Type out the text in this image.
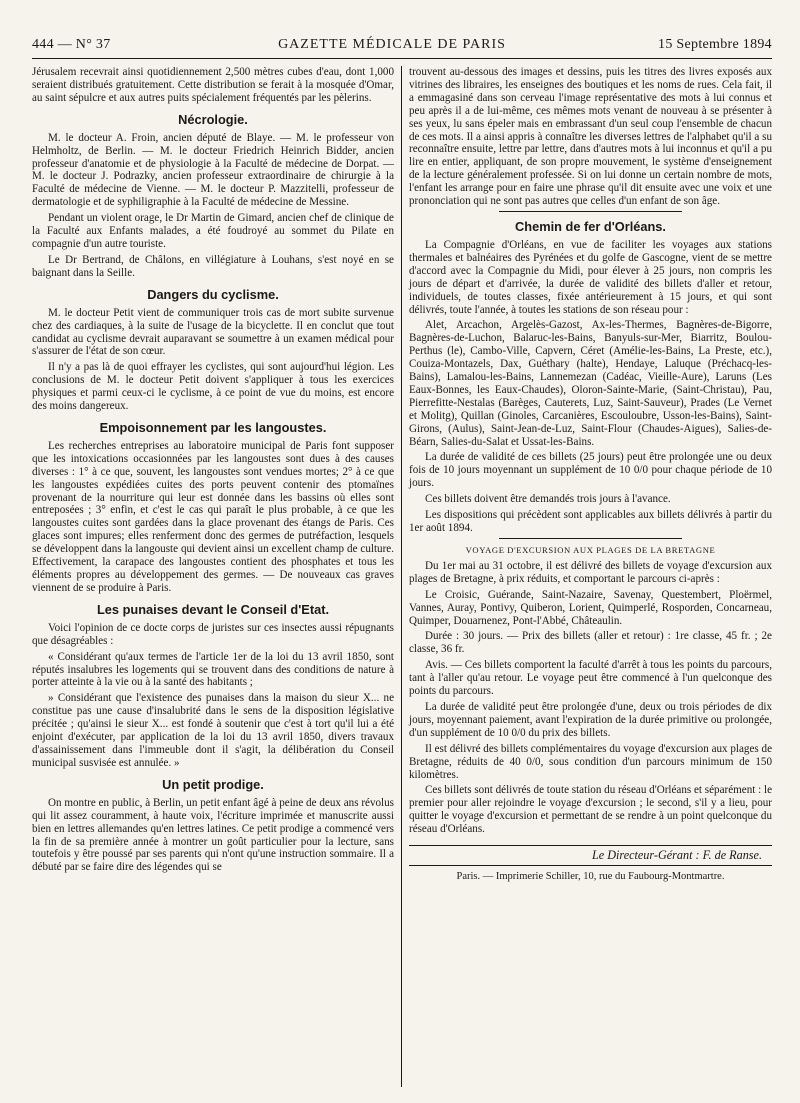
444 — N° 37	GAZETTE MÉDICALE DE PARIS	15 Septembre 1894

Jérusalem recevrait ainsi quotidiennement 2,500 mètres cubes d'eau, dont 1,000 seraient distribués gratuitement. Cette distribution se ferait à la mosquée d'Omar, au saint sépulcre et aux autres puits spécialement fréquentés par les pèlerins.

Nécrologie.

M. le docteur A. Froin, ancien député de Blaye. — M. le professeur von Helmholtz, de Berlin. — M. le docteur Friedrich Heinrich Bidder, ancien professeur d'anatomie et de physiologie à la Faculté de médecine de Dorpat. — M. le docteur J. Podrazky, ancien professeur extraordinaire de chirurgie à la Faculté de médecine de Vienne. — M. le docteur P. Mazzitelli, professeur de dermatologie et de syphiligraphie à la Faculté de médecine de Messine.

Pendant un violent orage, le Dr Martin de Gimard, ancien chef de clinique de la Faculté aux Enfants malades, a été foudroyé au sommet du Pilate en compagnie d'un autre touriste.

Le Dr Bertrand, de Châlons, en villégiature à Louhans, s'est noyé en se baignant dans la Seille.

Dangers du cyclisme.

M. le docteur Petit vient de communiquer trois cas de mort subite survenue chez des cardiaques, à la suite de l'usage de la bicyclette. Il en conclut que tout candidat au cyclisme devrait auparavant se soumettre à un examen médical pour s'assurer de l'état de son cœur.

Il n'y a pas là de quoi effrayer les cyclistes, qui sont aujourd'hui légion. Les conclusions de M. le docteur Petit doivent s'appliquer à tous les exercices physiques et parmi ceux-ci le cyclisme, à ce point de vue du moins, est encore des moins dangereux.

Empoisonnement par les langoustes.

Les recherches entreprises au laboratoire municipal de Paris font supposer que les intoxications occasionnées par les langoustes sont dues à des causes diverses : 1° à ce que, souvent, les langoustes sont vendues mortes; 2° à ce que les langoustes expédiées cuites des ports peuvent contenir des ptomaïnes provenant de la nourriture qui leur est donnée dans les bassins où elles sont entreposées ; 3° enfin, et c'est le cas qui paraît le plus probable, à ce que les langoustes cuites sont gardées dans la glace provenant des étangs de Paris. Ces glaces sont impures; elles renferment donc des germes de putréfaction, lesquels se développent dans la langouste qui devient ainsi un excellent champ de culture. Effectivement, la carapace des langoustes contient des phosphates et tous les éléments propres au développement des germes. — De nouveaux cas graves viennent de se produire à Paris.

Les punaises devant le Conseil d'Etat.

Voici l'opinion de ce docte corps de juristes sur ces insectes aussi répugnants que désagréables :

« Considérant qu'aux termes de l'article 1er de la loi du 13 avril 1850, sont réputés insalubres les logements qui se trouvent dans des conditions de nature à porter atteinte à la vie ou à la santé des habitants ;

» Considérant que l'existence des punaises dans la maison du sieur X... ne constitue pas une cause d'insalubrité dans le sens de la disposition législative précitée ; qu'ainsi le sieur X... est fondé à soutenir que c'est à tort qu'il lui a été enjoint d'exécuter, par application de la loi du 13 avril 1850, divers travaux d'assainissement dans l'immeuble dont il s'agit, la délibération du Conseil municipal susvisée est annulée. »

Un petit prodige.

On montre en public, à Berlin, un petit enfant âgé à peine de deux ans révolus qui lit assez couramment, à haute voix, l'écriture imprimée et manuscrite aussi bien en lettres allemandes qu'en lettres latines. Ce petit prodige a commencé vers la fin de sa première année à montrer un goût particulier pour la lecture, sans toutefois y être poussé par ses parents qui n'ont qu'une instruction sommaire. Il a débuté par se faire dire des légendes qui se

trouvent au-dessous des images et dessins, puis les titres des livres exposés aux vitrines des libraires, les enseignes des boutiques et les noms de rues. Cela fait, il a emmagasiné dans son cerveau l'image représentative des mots à lui connus et peu après il a de lui-même, ces mêmes mots venant de nouveau à se présenter à ses yeux, lu sans épeler mais en embrassant d'un seul coup l'ensemble de chacun de ces mots. Il a ainsi appris à connaître les diverses lettres de l'alphabet qu'il a su reconnaître ensuite, lettre par lettre, dans d'autres mots à lui inconnus et qu'il a pu lire en entier, appliquant, de son propre mouvement, le système d'enseignement de la lecture généralement professée. Si on lui donne un certain nombre de mots, l'enfant les arrange pour en faire une phrase qu'il dit ensuite avec une voix et une prononciation qui ne sont pas autres que celles d'un enfant de son âge.

Chemin de fer d'Orléans.

La Compagnie d'Orléans, en vue de faciliter les voyages aux stations thermales et balnéaires des Pyrénées et du golfe de Gascogne, vient de se mettre d'accord avec la Compagnie du Midi, pour élever à 25 jours, non compris les jours de départ et d'arrivée, la durée de validité des billets d'aller et retour, individuels, de toutes classes, fixée antérieurement à 15 jours, et qui sont délivrés, toute l'année, à toutes les stations de son réseau pour :

Alet, Arcachon, Argelès-Gazost, Ax-les-Thermes, Bagnères-de-Bigorre, Bagnères-de-Luchon, Balaruc-les-Bains, Banyuls-sur-Mer, Biarritz, Boulou-Perthus (le), Cambo-Ville, Capvern, Céret (Amélie-les-Bains, La Preste, etc.), Couiza-Montazels, Dax, Guéthary (halte), Hendaye, Laluque (Préchacq-les-Bains), Lamalou-les-Bains, Lannemezan (Cadéac, Vieille-Aure), Laruns (Les Eaux-Bonnes, les Eaux-Chaudes), Oloron-Sainte-Marie, (Saint-Christau), Pau, Pierrefitte-Nestalas (Barèges, Cauterets, Luz, Saint-Sauveur), Prades (Le Vernet et Molitg), Quillan (Ginoles, Carcanières, Escouloubre, Usson-les-Bains), Saint-Girons, (Aulus), Saint-Jean-de-Luz, Saint-Flour (Chaudes-Aigues), Salies-de-Béarn, Salies-du-Salat et Ussat-les-Bains.

La durée de validité de ces billets (25 jours) peut être prolongée une ou deux fois de 10 jours moyennant un supplément de 10 0/0 pour chaque période de 10 jours.

Ces billets doivent être demandés trois jours à l'avance.

Les dispositions qui précèdent sont applicables aux billets délivrés à partir du 1er août 1894.

VOYAGE D'EXCURSION AUX PLAGES DE LA BRETAGNE

Du 1er mai au 31 octobre, il est délivré des billets de voyage d'excursion aux plages de Bretagne, à prix réduits, et comportant le parcours ci-après :

Le Croisic, Guérande, Saint-Nazaire, Savenay, Questembert, Ploërmel, Vannes, Auray, Pontivy, Quiberon, Lorient, Quimperlé, Rosporden, Concarneau, Quimper, Douarnenez, Pont-l'Abbé, Châteaulin.

Durée : 30 jours. — Prix des billets (aller et retour) : 1re classe, 45 fr. ; 2e classe, 36 fr.

Avis. — Ces billets comportent la faculté d'arrêt à tous les points du parcours, tant à l'aller qu'au retour. Le voyage peut être commencé à l'un quelconque des points du parcours.

La durée de validité peut être prolongée d'une, deux ou trois périodes de dix jours, moyennant paiement, avant l'expiration de la durée primitive ou prolongée, d'un supplément de 10 0/0 du prix des billets.

Il est délivré des billets complémentaires du voyage d'excursion aux plages de Bretagne, réduits de 40 0/0, sous condition d'un parcours minimum de 150 kilomètres.

Ces billets sont délivrés de toute station du réseau d'Orléans et séparément : le premier pour aller rejoindre le voyage d'excursion ; le second, s'il y a lieu, pour quitter le voyage d'excursion et permettant de se rendre à un point quelconque du réseau d'Orléans.

Le Directeur-Gérant : F. de Ranse.
Paris. — Imprimerie Schiller, 10, rue du Faubourg-Montmartre.
